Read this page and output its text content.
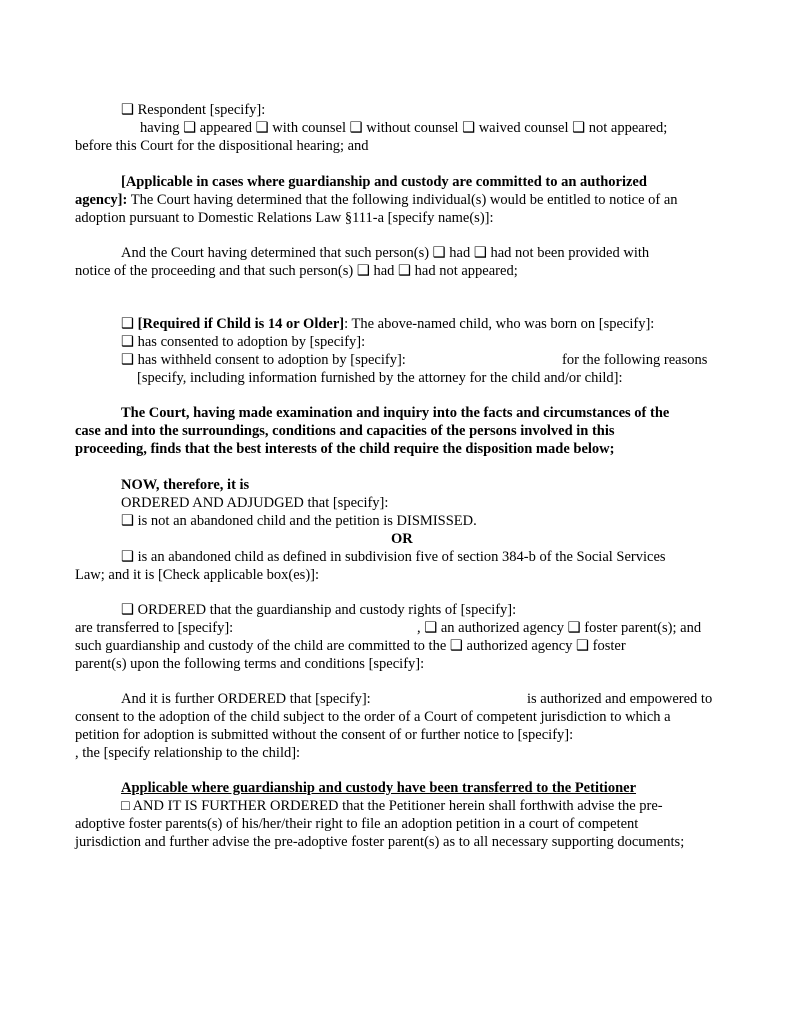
❑ Respondent [specify]:
having ❑ appeared ❑ with counsel ❑ without counsel ❑ waived counsel ❑ not appeared;
before this Court for the dispositional hearing; and
[Applicable in cases where guardianship and custody are committed to an authorized
agency]: The Court having determined that the following individual(s) would be entitled to notice of an
adoption pursuant to Domestic Relations Law §111-a [specify name(s)]:
And the Court having determined that such person(s) ❑ had ❑ had not been provided with
notice of the proceeding and that such person(s) ❑ had ❑ had not appeared;
❑ [Required if Child is 14 or Older]: The above-named child, who was born on [specify]:
❑ has consented to adoption by [specify]:
❑ has withheld consent to adoption by [specify]:	for the following reasons
[specify, including information furnished by the attorney for the child and/or child]:
The Court, having made examination and inquiry into the facts and circumstances of the
case and into the surroundings, conditions and capacities of the persons involved in this
proceeding, finds that the best interests of the child require the disposition made below;
NOW, therefore, it is
ORDERED AND ADJUDGED that [specify]:
❑ is not an abandoned child and the petition is DISMISSED.
OR
❑ is an abandoned child as defined in subdivision five of section 384-b of the Social Services
Law; and it is [Check applicable box(es)]:
❑ ORDERED that the guardianship and custody rights of [specify]:
are transferred to [specify]:	, ❑ an authorized agency ❑ foster parent(s); and
such guardianship and custody of the child are committed to the ❑ authorized agency ❑ foster
parent(s) upon the following terms and conditions [specify]:
And it is further ORDERED that [specify]:	is authorized and empowered to
consent to the adoption of the child subject to the order of a Court of competent jurisdiction to which a
petition for adoption is submitted without the consent of or further notice to [specify]:
, the [specify relationship to the child]:
Applicable where guardianship and custody have been transferred to the Petitioner
□ AND IT IS FURTHER ORDERED that the Petitioner herein shall forthwith advise the pre-
adoptive foster parents(s) of his/her/their right to file an adoption petition in a court of competent
jurisdiction and further advise the pre-adoptive foster parent(s) as to all necessary supporting documents;
